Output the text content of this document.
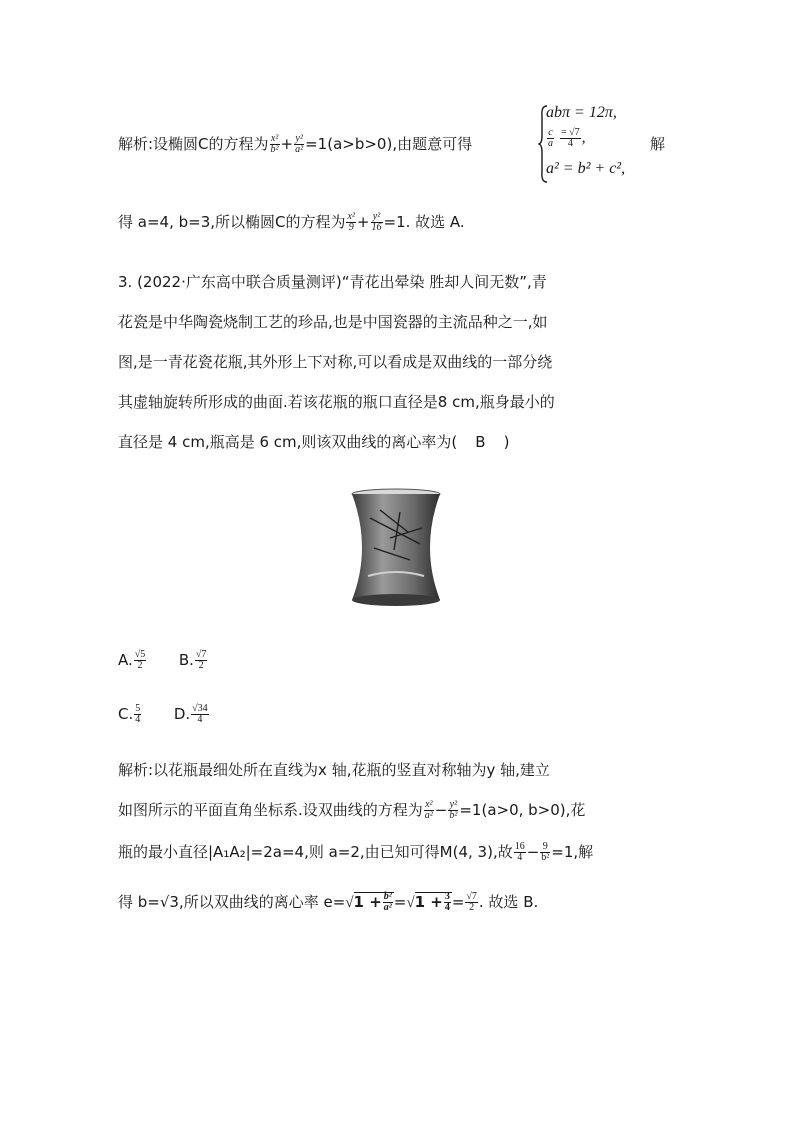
解析:设椭圆C的方程为 $\frac{\text{x²}}{\text{b²}} + \frac{\text{y²}}{\text{a²}} =1(a>b>0)$,由题意可得
abπ = 12π,
$\frac{c}{a}$
$\frac{= √7}{4}$ ,
a² = b² + c²,
解
得 a=4, b=3,所以椭圆C的方程为 $\frac{\text{x²}}{9} + \frac{\text{y²}}{16} =1$. 故选 A.
3. (2022·广东高中联合质量测评)“青花出晕染 胜却人间无数”,青
花瓷是中华陶瓷烧制工艺的珍品,也是中国瓷器的主流品种之一,如
图,是一青花瓷花瓶,其外形上下对称,可以看成是双曲线的一部分绕
其虚轴旋转所形成的曲面.若该花瓶的瓶口直径是8 cm,瓶身最小的
直径是 4 cm,瓶高是 6 cm,则该双曲线的离心率为( B )
A. $\frac{√5}{2} B$. $\frac{√7}{2}$
C. $\frac{5}{4} D$. $\frac{√34}{4}$
解析:以花瓶最细处所在直线为x 轴,花瓶的竖直对称轴为y 轴,建立
如图所示的平面直角坐标系.设双曲线的方程为 $\frac{\text{x²}}{\text{a²}} - \frac{\text{y²}}{\text{b²}} =1(a>0$, b>0),花
瓶的最小直径|A₁A₂|=2a=4,则 a=2,由已知可得M(4, 3),故 $\frac{16}{4} - \frac{9}{\text{b²}} =1$,解
得 b=√3,所以双曲线的离心率 $e=√1 + \frac{\text{b²}}{\text{a²}} =√1 + \frac{3}{4} = \frac{√7}{2}$ . 故选 B.
